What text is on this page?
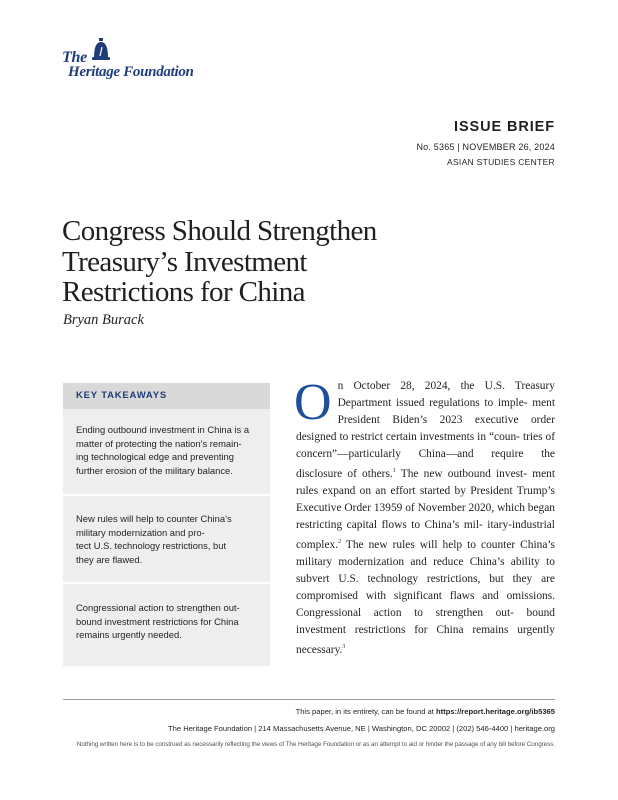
The
Heritage Foundation
ISSUE BRIEF
No. 5365 | NOVEMBER 26, 2024
ASIAN STUDIES CENTER
Congress Should Strengthen
Treasury’s Investment
Restrictions for China
Bryan Burack
KEY TAKEAWAYS
Ending outbound investment in China is a
matter of protecting the nation’s remain-
ing technological edge and preventing
further erosion of the military balance.
New rules will help to counter China’s
military modernization and pro-
tect U.S. technology restrictions, but
they are flawed.
Congressional action to strengthen out-
bound investment restrictions for China
remains urgently needed.

O n October 28, 2024, the U.S. Treasury Department issued regulations to imple- ment President Biden’s 2023 executive order designed to restrict certain investments in “coun- tries of concern”—particularly China—and require the disclosure of others.$^1$ The new outbound invest- ment rules expand on an effort started by President Trump’s Executive Order 13959 of November 2020, which began restricting capital flows to China’s mil- itary-industrial complex.$^2$ The new rules will help to counter China’s military modernization and reduce China’s ability to subvert U.S. technology restrictions, but they are compromised with significant flaws and omissions. Congressional action to strengthen out- bound investment restrictions for China remains urgently necessary.$^3$

This paper, in its entirety, can be found at https://report.heritage.org/ib5365
The Heritage Foundation | 214 Massachusetts Avenue, NE | Washington, DC 20002 | (202) 546-4400 | heritage.org
Nothing written here is to be construed as necessarily reflecting the views of The Heritage Foundation or as an attempt to aid or hinder the passage of any bill before Congress.
